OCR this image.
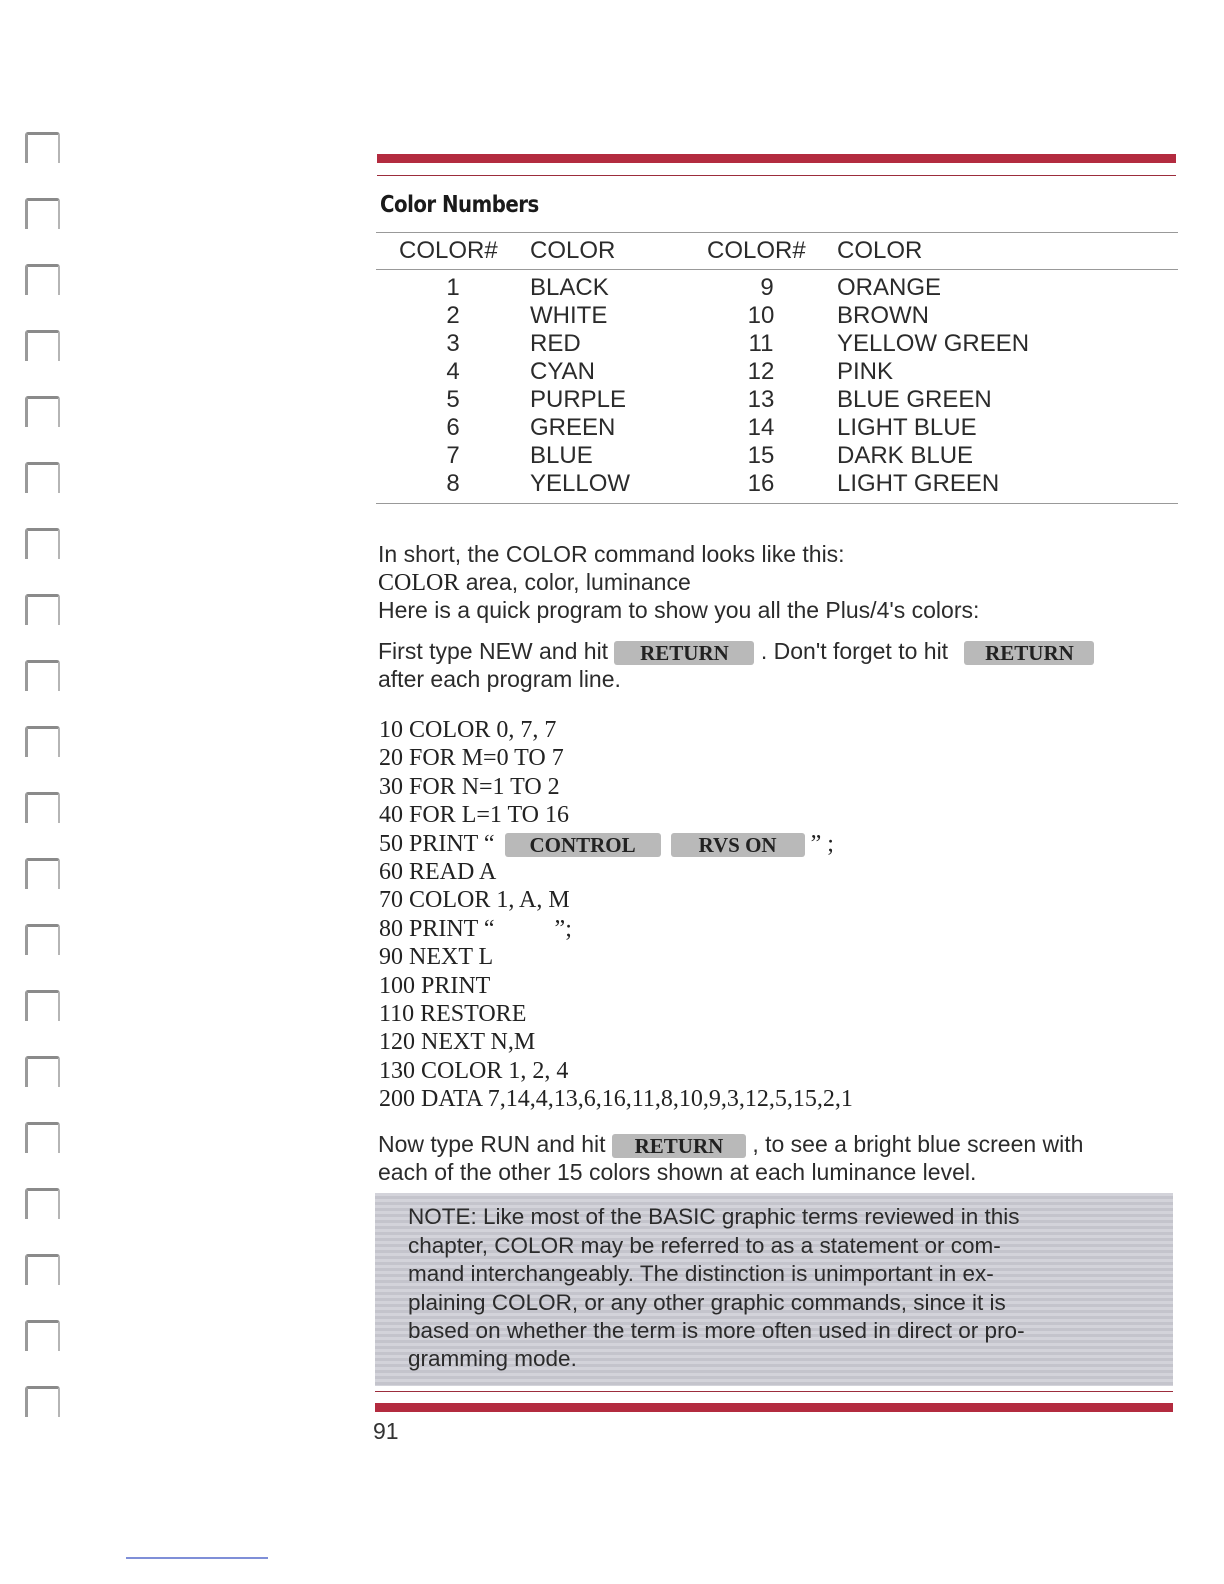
Color Numbers
COLOR# COLOR	COLOR# COLOR
1	BLACK	9	ORANGE
2	WHITE	10	BROWN
3	RED	11	YELLOW GREEN
4	CYAN	12	PINK
5	PURPLE	13	BLUE GREEN
6	GREEN	14	LIGHT BLUE
7	BLUE	15	DARK BLUE
8	YELLOW	16	LIGHT GREEN
In short, the COLOR command looks like this:
COLOR area, color, luminance
Here is a quick program to show you all the Plus/4's colors:
First type NEW and hit RETURN . Don't forget to hit RETURN
after each program line.
10 COLOR 0, 7, 7
20 FOR M=0 TO 7
30 FOR N=1 TO 2
40 FOR L=1 TO 16
50 PRINT “ CONTROL	RVS ON ” ;
60 READ A
70 COLOR 1, A, M
80 PRINT “          ”;
90 NEXT L
100 PRINT
110 RESTORE
120 NEXT N,M
130 COLOR 1, 2, 4
200 DATA 7,14,4,13,6,16,11,8,10,9,3,12,5,15,2,1
Now type RUN and hit RETURN , to see a bright blue screen with
each of the other 15 colors shown at each luminance level.
NOTE: Like most of the BASIC graphic terms reviewed in this
chapter, COLOR may be referred to as a statement or com-
mand interchangeably. The distinction is unimportant in ex-
plaining COLOR, or any other graphic commands, since it is
based on whether the term is more often used in direct or pro-
gramming mode.
91
